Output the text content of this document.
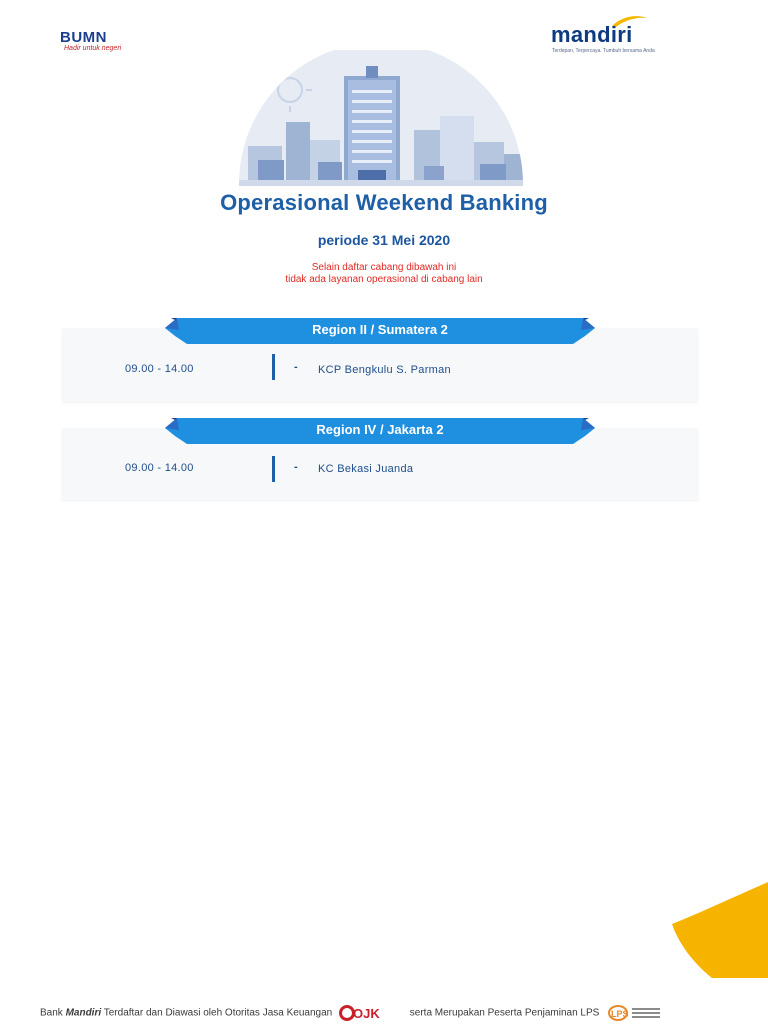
BUMN
Hadir untuk negeri
mandiri
Terdepan, Terpercaya. Tumbuh bersama Anda
Operasional Weekend Banking
periode 31 Mei 2020
Selain daftar cabang dibawah ini
tidak ada layanan operasional di cabang lain
Region II / Sumatera 2
09.00 - 14.00	- KCP Bengkulu S. Parman
Region IV / Jakarta 2
09.00 - 14.00	- KC Bekasi Juanda
Bank Mandiri Terdaftar dan Diawasi oleh Otoritas Jasa Keuangan OJK	serta Merupakan Peserta Penjaminan LPS LPS
